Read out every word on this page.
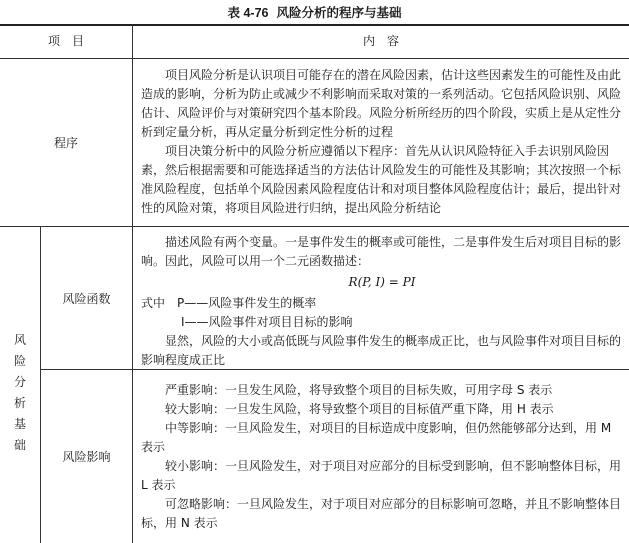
表 4-76 风险分析的程序与基础
项　目	内　容
程序

项目风险分析是认识项目可能存在的潜在风险因素，估计这些因素发生的可能性及由此造成的影响，分析为防止或减少不利影响而采取对策的一系列活动。它包括风险识别、风险估计、风险评价与对策研究四个基本阶段。风险分析所经历的四个阶段，实质上是从定性分析到定量分析，再从定量分析到定性分析的过程

项目决策分析中的风险分析应遵循以下程序：首先从认识风险特征入手去识别风险因素，然后根据需要和可能选择适当的方法估计风险发生的可能性及其影响；其次按照一个标准风险程度，包括单个风险因素风险程度估计和对项目整体风险程度估计；最后，提出针对性的风险对策，将项目风险进行归纳，提出风险分析结论

风
险
分
析
基
础
风险函数

描述风险有两个变量。一是事件发生的概率或可能性，二是事件发生后对项目目标的影响。因此，风险可以用一个二元函数描述：

R(P, I) = PI

式中　 P——风险事件发生的概率

I——风险事件对项目目标的影响

显然，风险的大小或高低既与风险事件发生的概率成正比，也与风险事件对项目目标的影响程度成正比

风险影响

严重影响：一旦发生风险，将导致整个项目的目标失败，可用字母 S 表示

较大影响：一旦发生风险，将导致整个项目的目标值严重下降，用 H 表示

中等影响：一旦风险发生，对项目的目标造成中度影响，但仍然能够部分达到，用 M 表示

较小影响：一旦风险发生，对于项目对应部分的目标受到影响，但不影响整体目标，用 L 表示

可忽略影响：一旦风险发生，对于项目对应部分的目标影响可忽略，并且不影响整体目标，用 N 表示
